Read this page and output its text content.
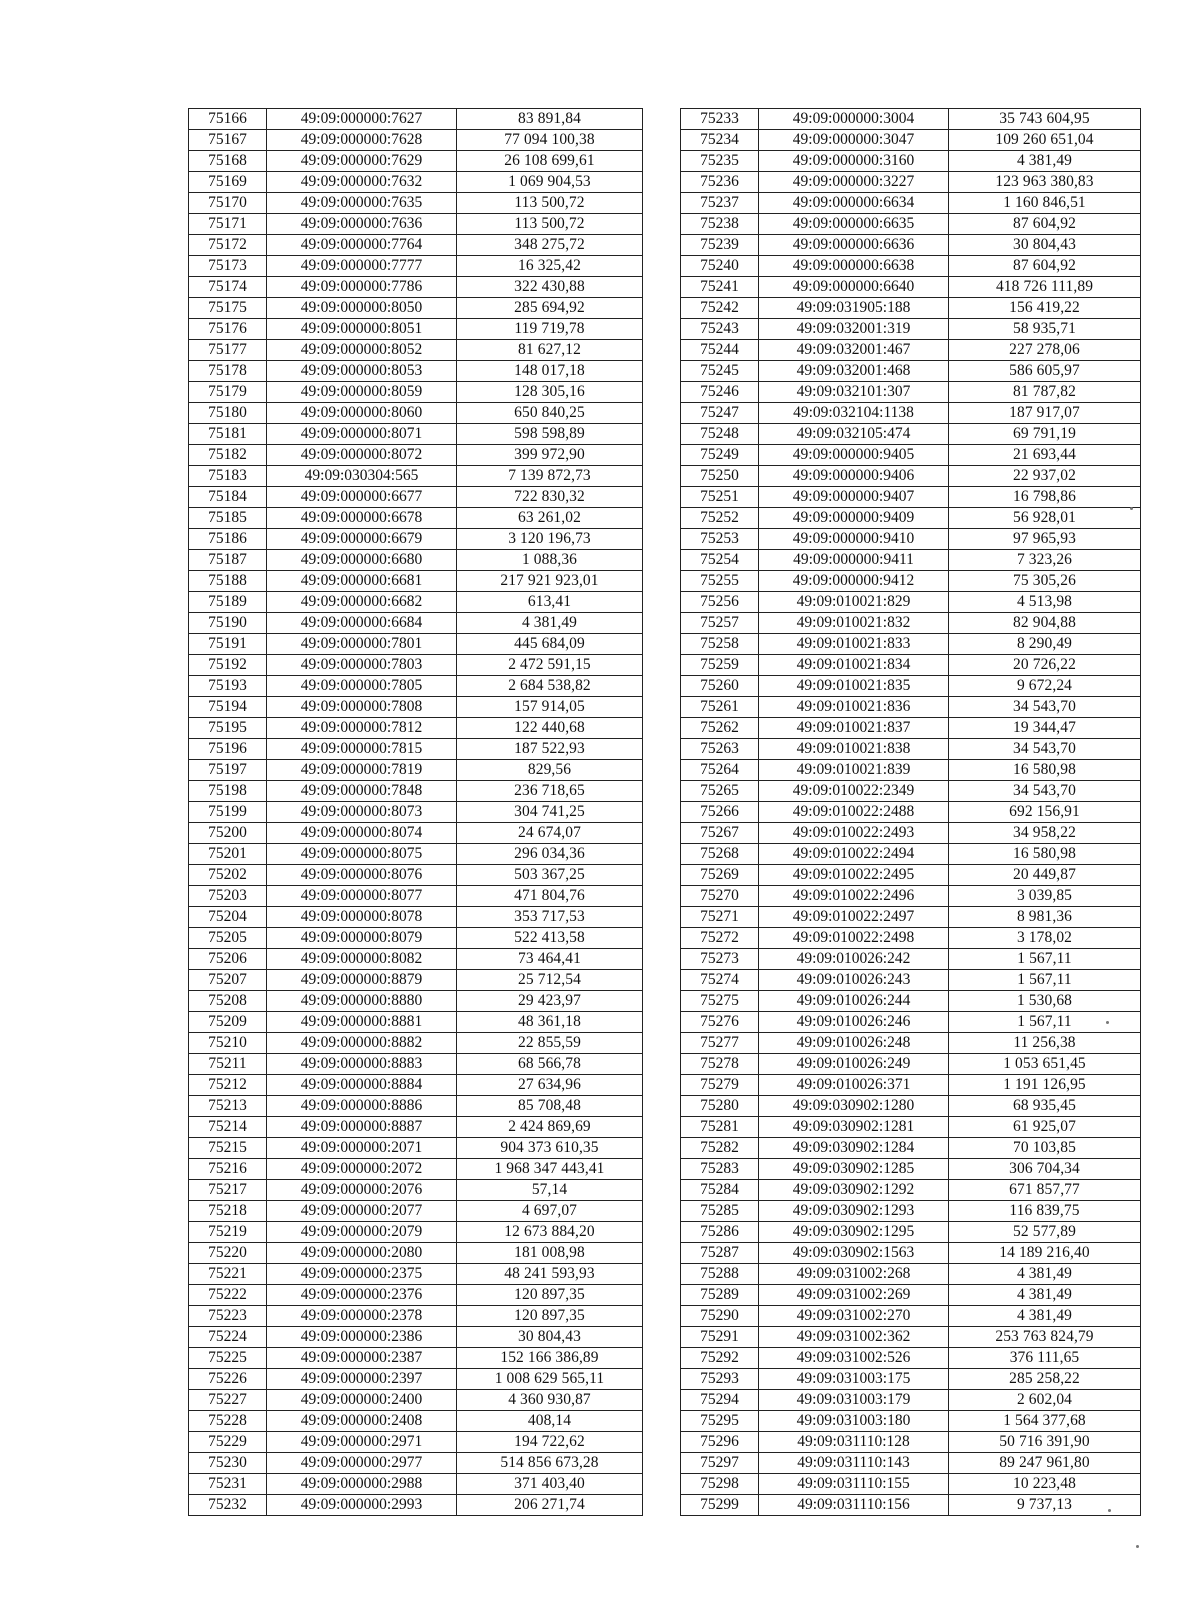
75166	49:09:000000:7627	83 891,84
75167	49:09:000000:7628	77 094 100,38
75168	49:09:000000:7629	26 108 699,61
75169	49:09:000000:7632	1 069 904,53
75170	49:09:000000:7635	113 500,72
75171	49:09:000000:7636	113 500,72
75172	49:09:000000:7764	348 275,72
75173	49:09:000000:7777	16 325,42
75174	49:09:000000:7786	322 430,88
75175	49:09:000000:8050	285 694,92
75176	49:09:000000:8051	119 719,78
75177	49:09:000000:8052	81 627,12
75178	49:09:000000:8053	148 017,18
75179	49:09:000000:8059	128 305,16
75180	49:09:000000:8060	650 840,25
75181	49:09:000000:8071	598 598,89
75182	49:09:000000:8072	399 972,90
75183	49:09:030304:565	7 139 872,73
75184	49:09:000000:6677	722 830,32
75185	49:09:000000:6678	63 261,02
75186	49:09:000000:6679	3 120 196,73
75187	49:09:000000:6680	1 088,36
75188	49:09:000000:6681	217 921 923,01
75189	49:09:000000:6682	613,41
75190	49:09:000000:6684	4 381,49
75191	49:09:000000:7801	445 684,09
75192	49:09:000000:7803	2 472 591,15
75193	49:09:000000:7805	2 684 538,82
75194	49:09:000000:7808	157 914,05
75195	49:09:000000:7812	122 440,68
75196	49:09:000000:7815	187 522,93
75197	49:09:000000:7819	829,56
75198	49:09:000000:7848	236 718,65
75199	49:09:000000:8073	304 741,25
75200	49:09:000000:8074	24 674,07
75201	49:09:000000:8075	296 034,36
75202	49:09:000000:8076	503 367,25
75203	49:09:000000:8077	471 804,76
75204	49:09:000000:8078	353 717,53
75205	49:09:000000:8079	522 413,58
75206	49:09:000000:8082	73 464,41
75207	49:09:000000:8879	25 712,54
75208	49:09:000000:8880	29 423,97
75209	49:09:000000:8881	48 361,18
75210	49:09:000000:8882	22 855,59
75211	49:09:000000:8883	68 566,78
75212	49:09:000000:8884	27 634,96
75213	49:09:000000:8886	85 708,48
75214	49:09:000000:8887	2 424 869,69
75215	49:09:000000:2071	904 373 610,35
75216	49:09:000000:2072	1 968 347 443,41
75217	49:09:000000:2076	57,14
75218	49:09:000000:2077	4 697,07
75219	49:09:000000:2079	12 673 884,20
75220	49:09:000000:2080	181 008,98
75221	49:09:000000:2375	48 241 593,93
75222	49:09:000000:2376	120 897,35
75223	49:09:000000:2378	120 897,35
75224	49:09:000000:2386	30 804,43
75225	49:09:000000:2387	152 166 386,89
75226	49:09:000000:2397	1 008 629 565,11
75227	49:09:000000:2400	4 360 930,87
75228	49:09:000000:2408	408,14
75229	49:09:000000:2971	194 722,62
75230	49:09:000000:2977	514 856 673,28
75231	49:09:000000:2988	371 403,40
75232	49:09:000000:2993	206 271,74
75233	49:09:000000:3004	35 743 604,95
75234	49:09:000000:3047	109 260 651,04
75235	49:09:000000:3160	4 381,49
75236	49:09:000000:3227	123 963 380,83
75237	49:09:000000:6634	1 160 846,51
75238	49:09:000000:6635	87 604,92
75239	49:09:000000:6636	30 804,43
75240	49:09:000000:6638	87 604,92
75241	49:09:000000:6640	418 726 111,89
75242	49:09:031905:188	156 419,22
75243	49:09:032001:319	58 935,71
75244	49:09:032001:467	227 278,06
75245	49:09:032001:468	586 605,97
75246	49:09:032101:307	81 787,82
75247	49:09:032104:1138	187 917,07
75248	49:09:032105:474	69 791,19
75249	49:09:000000:9405	21 693,44
75250	49:09:000000:9406	22 937,02
75251	49:09:000000:9407	16 798,86
75252	49:09:000000:9409	56 928,01
75253	49:09:000000:9410	97 965,93
75254	49:09:000000:9411	7 323,26
75255	49:09:000000:9412	75 305,26
75256	49:09:010021:829	4 513,98
75257	49:09:010021:832	82 904,88
75258	49:09:010021:833	8 290,49
75259	49:09:010021:834	20 726,22
75260	49:09:010021:835	9 672,24
75261	49:09:010021:836	34 543,70
75262	49:09:010021:837	19 344,47
75263	49:09:010021:838	34 543,70
75264	49:09:010021:839	16 580,98
75265	49:09:010022:2349	34 543,70
75266	49:09:010022:2488	692 156,91
75267	49:09:010022:2493	34 958,22
75268	49:09:010022:2494	16 580,98
75269	49:09:010022:2495	20 449,87
75270	49:09:010022:2496	3 039,85
75271	49:09:010022:2497	8 981,36
75272	49:09:010022:2498	3 178,02
75273	49:09:010026:242	1 567,11
75274	49:09:010026:243	1 567,11
75275	49:09:010026:244	1 530,68
75276	49:09:010026:246	1 567,11
75277	49:09:010026:248	11 256,38
75278	49:09:010026:249	1 053 651,45
75279	49:09:010026:371	1 191 126,95
75280	49:09:030902:1280	68 935,45
75281	49:09:030902:1281	61 925,07
75282	49:09:030902:1284	70 103,85
75283	49:09:030902:1285	306 704,34
75284	49:09:030902:1292	671 857,77
75285	49:09:030902:1293	116 839,75
75286	49:09:030902:1295	52 577,89
75287	49:09:030902:1563	14 189 216,40
75288	49:09:031002:268	4 381,49
75289	49:09:031002:269	4 381,49
75290	49:09:031002:270	4 381,49
75291	49:09:031002:362	253 763 824,79
75292	49:09:031002:526	376 111,65
75293	49:09:031003:175	285 258,22
75294	49:09:031003:179	2 602,04
75295	49:09:031003:180	1 564 377,68
75296	49:09:031110:128	50 716 391,90
75297	49:09:031110:143	89 247 961,80
75298	49:09:031110:155	10 223,48
75299	49:09:031110:156	9 737,13
